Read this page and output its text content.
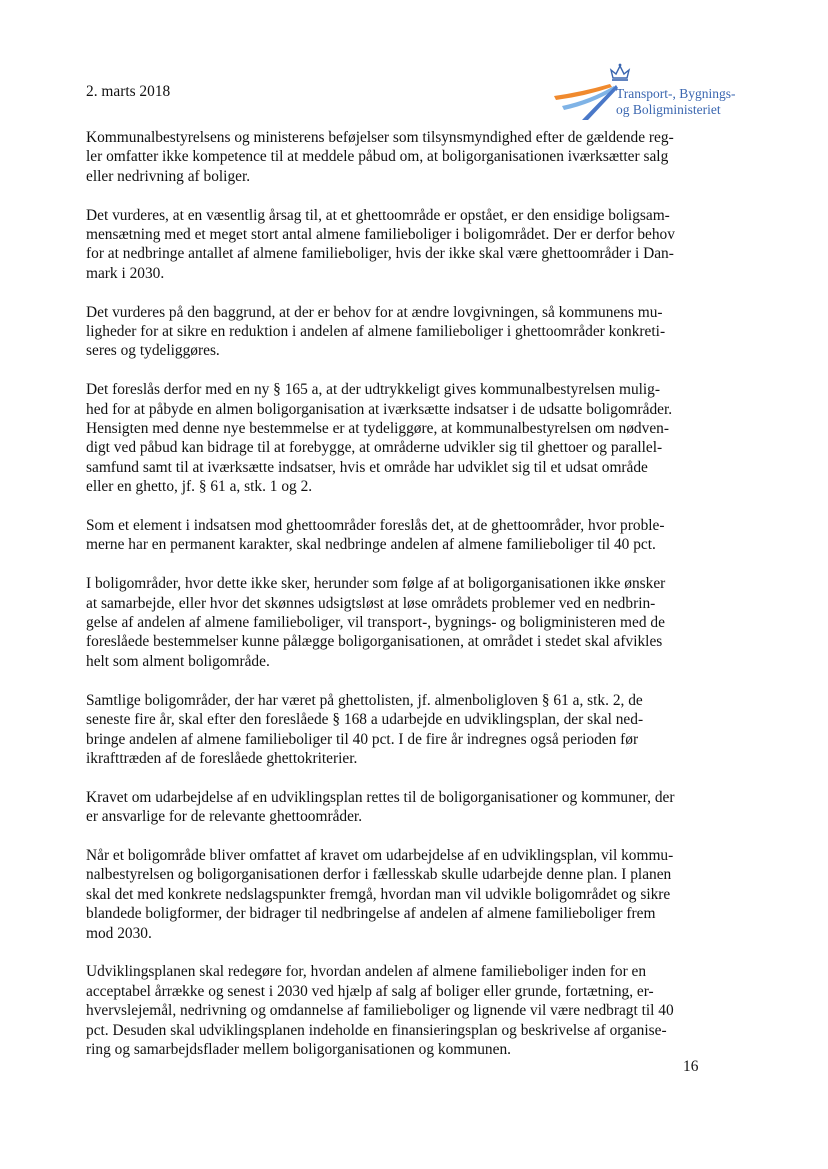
2. marts 2018	Transport-, Bygnings-
og Boligministeriet
Kommunalbestyrelsens og ministerens beføjelser som tilsynsmyndighed efter de gældende reg-
ler omfatter ikke kompetence til at meddele påbud om, at boligorganisationen iværksætter salg
eller nedrivning af boliger.
Det vurderes, at en væsentlig årsag til, at et ghettoområde er opstået, er den ensidige boligsam-
mensætning med et meget stort antal almene familieboliger i boligområdet. Der er derfor behov
for at nedbringe antallet af almene familieboliger, hvis der ikke skal være ghettoområder i Dan-
mark i 2030.
Det vurderes på den baggrund, at der er behov for at ændre lovgivningen, så kommunens mu-
ligheder for at sikre en reduktion i andelen af almene familieboliger i ghettoområder konkreti-
seres og tydeliggøres.
Det foreslås derfor med en ny § 165 a, at der udtrykkeligt gives kommunalbestyrelsen mulig-
hed for at påbyde en almen boligorganisation at iværksætte indsatser i de udsatte boligområder.
Hensigten med denne nye bestemmelse er at tydeliggøre, at kommunalbestyrelsen om nødven-
digt ved påbud kan bidrage til at forebygge, at områderne udvikler sig til ghettoer og parallel-
samfund samt til at iværksætte indsatser, hvis et område har udviklet sig til et udsat område
eller en ghetto, jf. § 61 a, stk. 1 og 2.
Som et element i indsatsen mod ghettoområder foreslås det, at de ghettoområder, hvor proble-
merne har en permanent karakter, skal nedbringe andelen af almene familieboliger til 40 pct.
I boligområder, hvor dette ikke sker, herunder som følge af at boligorganisationen ikke ønsker
at samarbejde, eller hvor det skønnes udsigtsløst at løse områdets problemer ved en nedbrin-
gelse af andelen af almene familieboliger, vil transport-, bygnings- og boligministeren med de
foreslåede bestemmelser kunne pålægge boligorganisationen, at området i stedet skal afvikles
helt som alment boligområde.
Samtlige boligområder, der har været på ghettolisten, jf. almenboligloven § 61 a, stk. 2, de
seneste fire år, skal efter den foreslåede § 168 a udarbejde en udviklingsplan, der skal ned-
bringe andelen af almene familieboliger til 40 pct. I de fire år indregnes også perioden før
ikrafttræden af de foreslåede ghettokriterier.
Kravet om udarbejdelse af en udviklingsplan rettes til de boligorganisationer og kommuner, der
er ansvarlige for de relevante ghettoområder.
Når et boligområde bliver omfattet af kravet om udarbejdelse af en udviklingsplan, vil kommu-
nalbestyrelsen og boligorganisationen derfor i fællesskab skulle udarbejde denne plan. I planen
skal det med konkrete nedslagspunkter fremgå, hvordan man vil udvikle boligområdet og sikre
blandede boligformer, der bidrager til nedbringelse af andelen af almene familieboliger frem
mod 2030.
Udviklingsplanen skal redegøre for, hvordan andelen af almene familieboliger inden for en
acceptabel årrække og senest i 2030 ved hjælp af salg af boliger eller grunde, fortætning, er-
hvervslejemål, nedrivning og omdannelse af familieboliger og lignende vil være nedbragt til 40
pct. Desuden skal udviklingsplanen indeholde en finansieringsplan og beskrivelse af organise-
ring og samarbejdsflader mellem boligorganisationen og kommunen.
16
